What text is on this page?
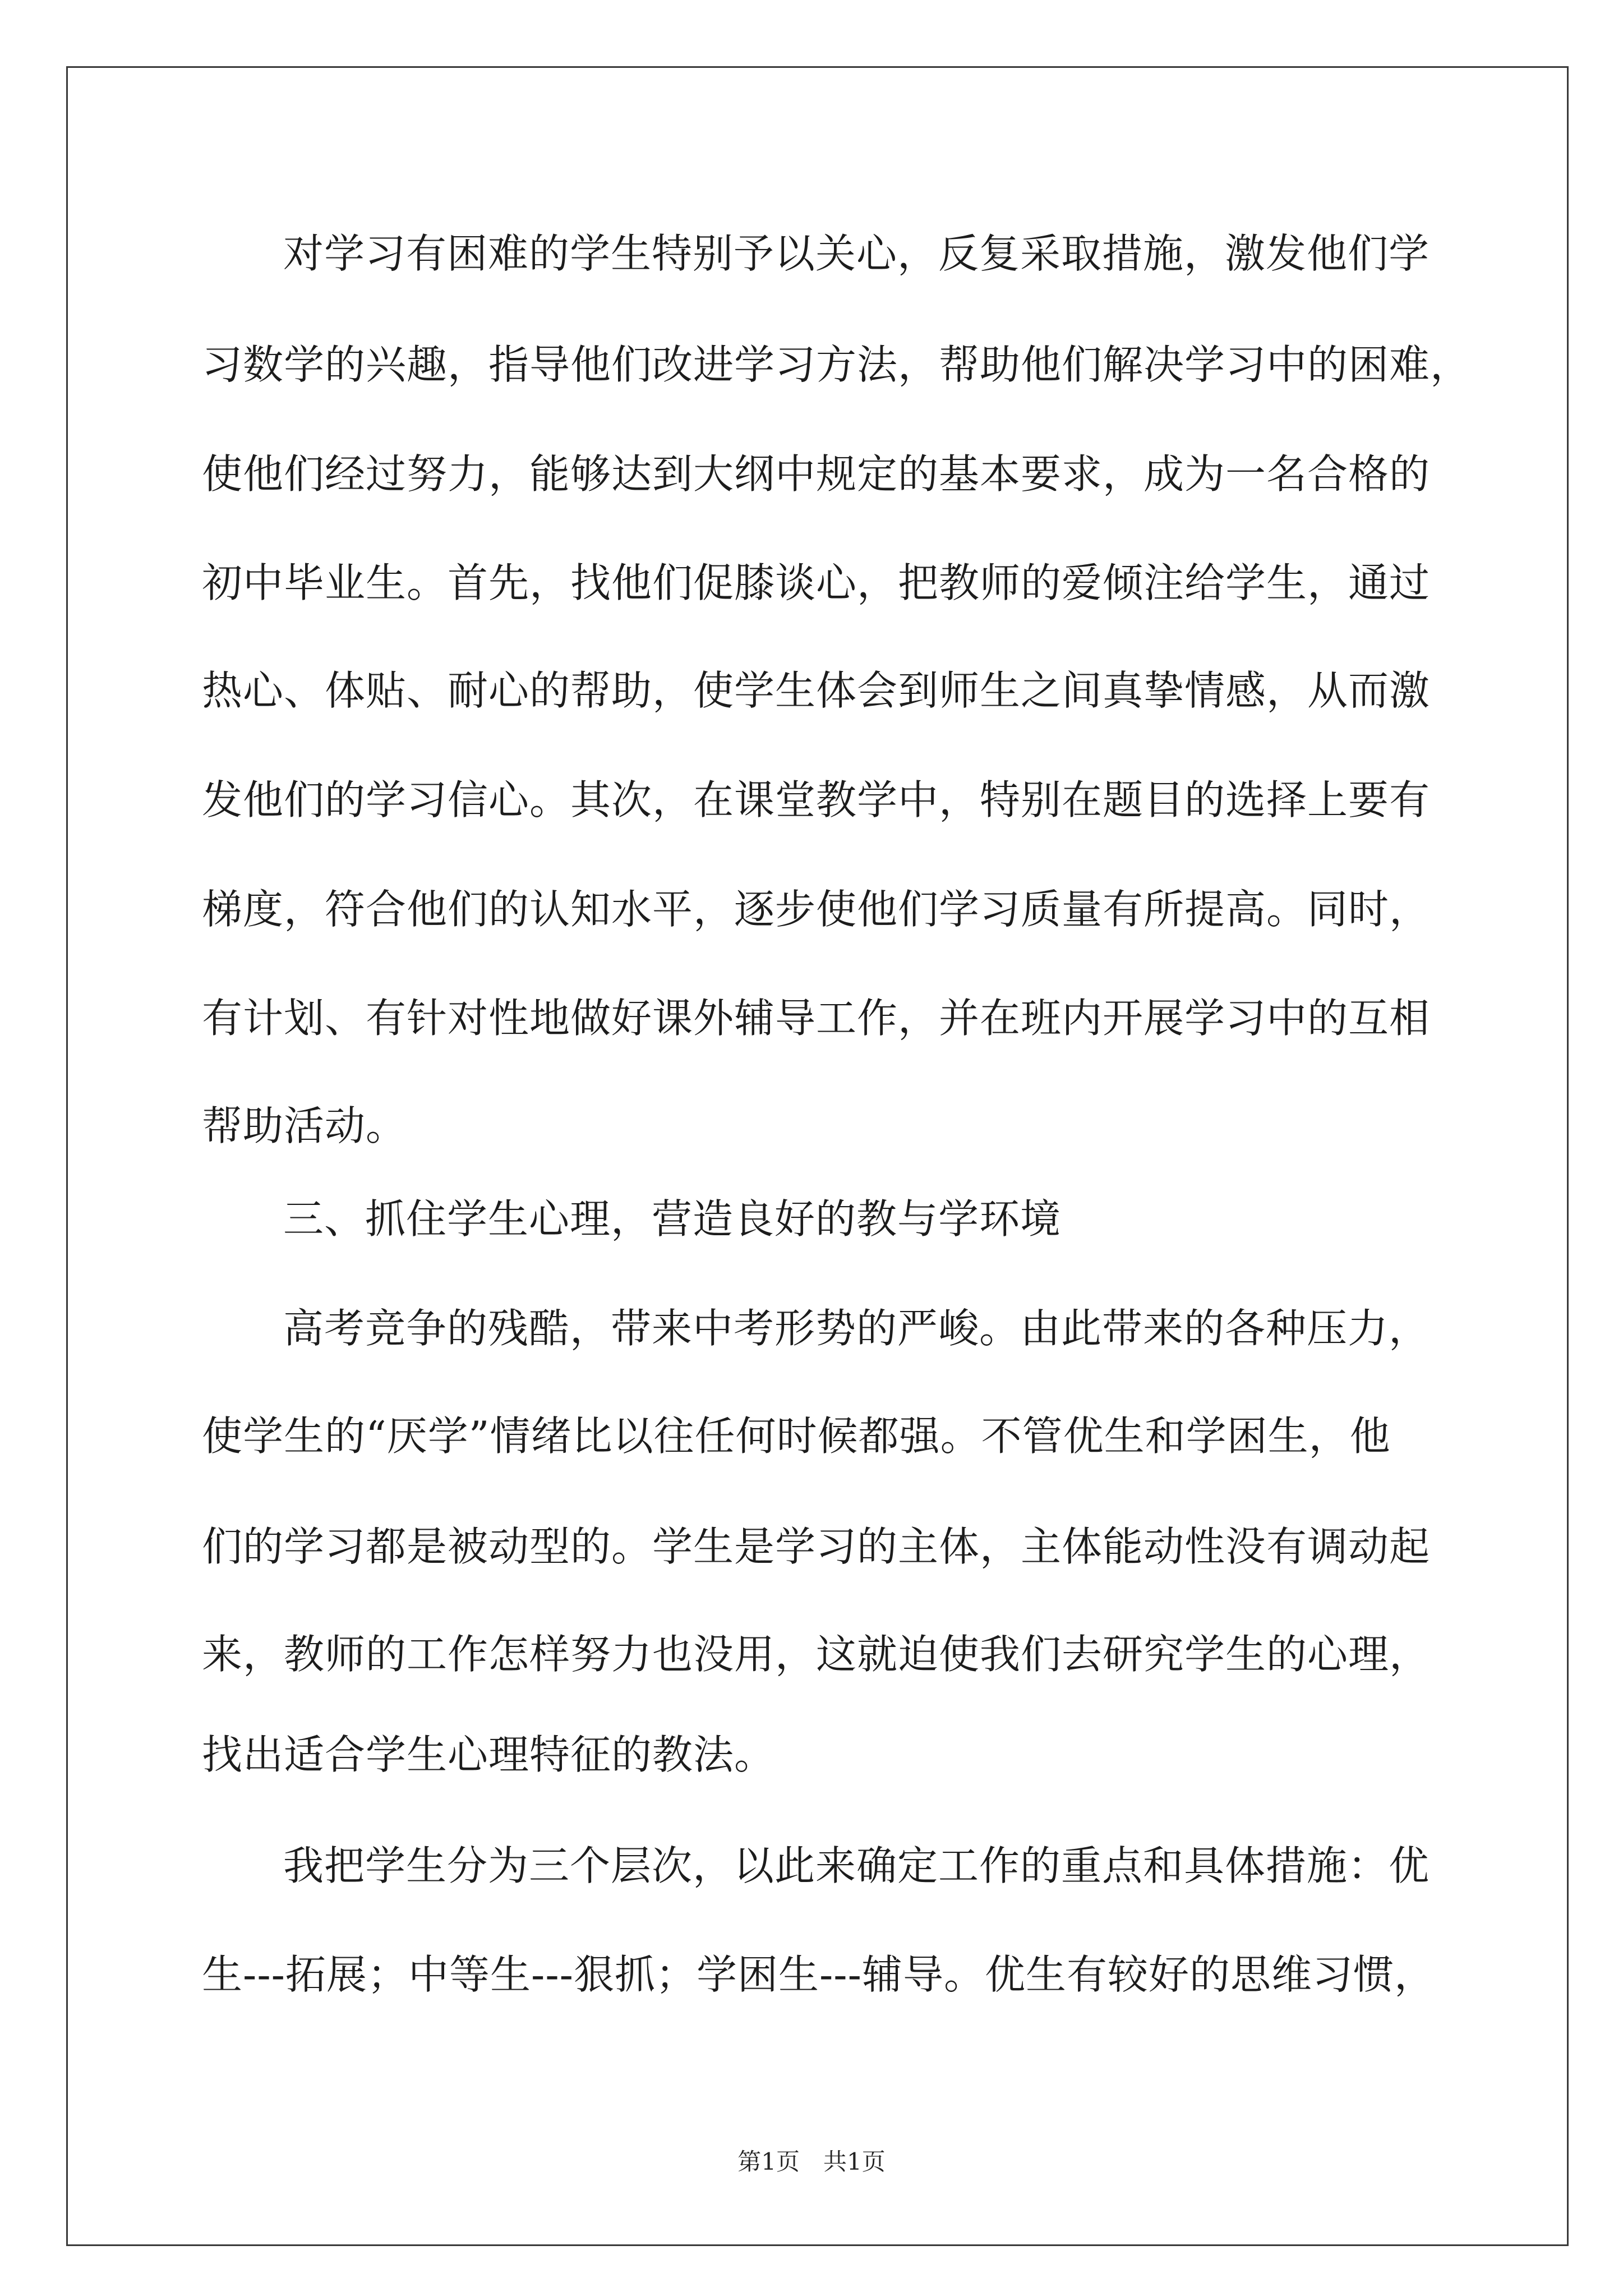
对学习有困难的学生特别予以关心，反复采取措施，激发他们学
习数学的兴趣，指导他们改进学习方法，帮助他们解决学习中的困难，
使他们经过努力，能够达到大纲中规定的基本要求，成为一名合格的
初中毕业生。首先，找他们促膝谈心，把教师的爱倾注给学生，通过
热心、体贴、耐心的帮助，使学生体会到师生之间真挚情感，从而激
发他们的学习信心。其次，在课堂教学中，特别在题目的选择上要有
梯度，符合他们的认知水平，逐步使他们学习质量有所提高。同时，
有计划、有针对性地做好课外辅导工作，并在班内开展学习中的互相
帮助活动。
三、抓住学生心理，营造良好的教与学环境
高考竞争的残酷，带来中考形势的严峻。由此带来的各种压力，
使学生的“厌学”情绪比以往任何时候都强。不管优生和学困生，他
们的学习都是被动型的。学生是学习的主体，主体能动性没有调动起
来，教师的工作怎样努力也没用，这就迫使我们去研究学生的心理，
找出适合学生心理特征的教法。
我把学生分为三个层次，以此来确定工作的重点和具体措施：优
生---拓展；中等生---狠抓；学困生---辅导。优生有较好的思维习惯，
第1页　共1页
